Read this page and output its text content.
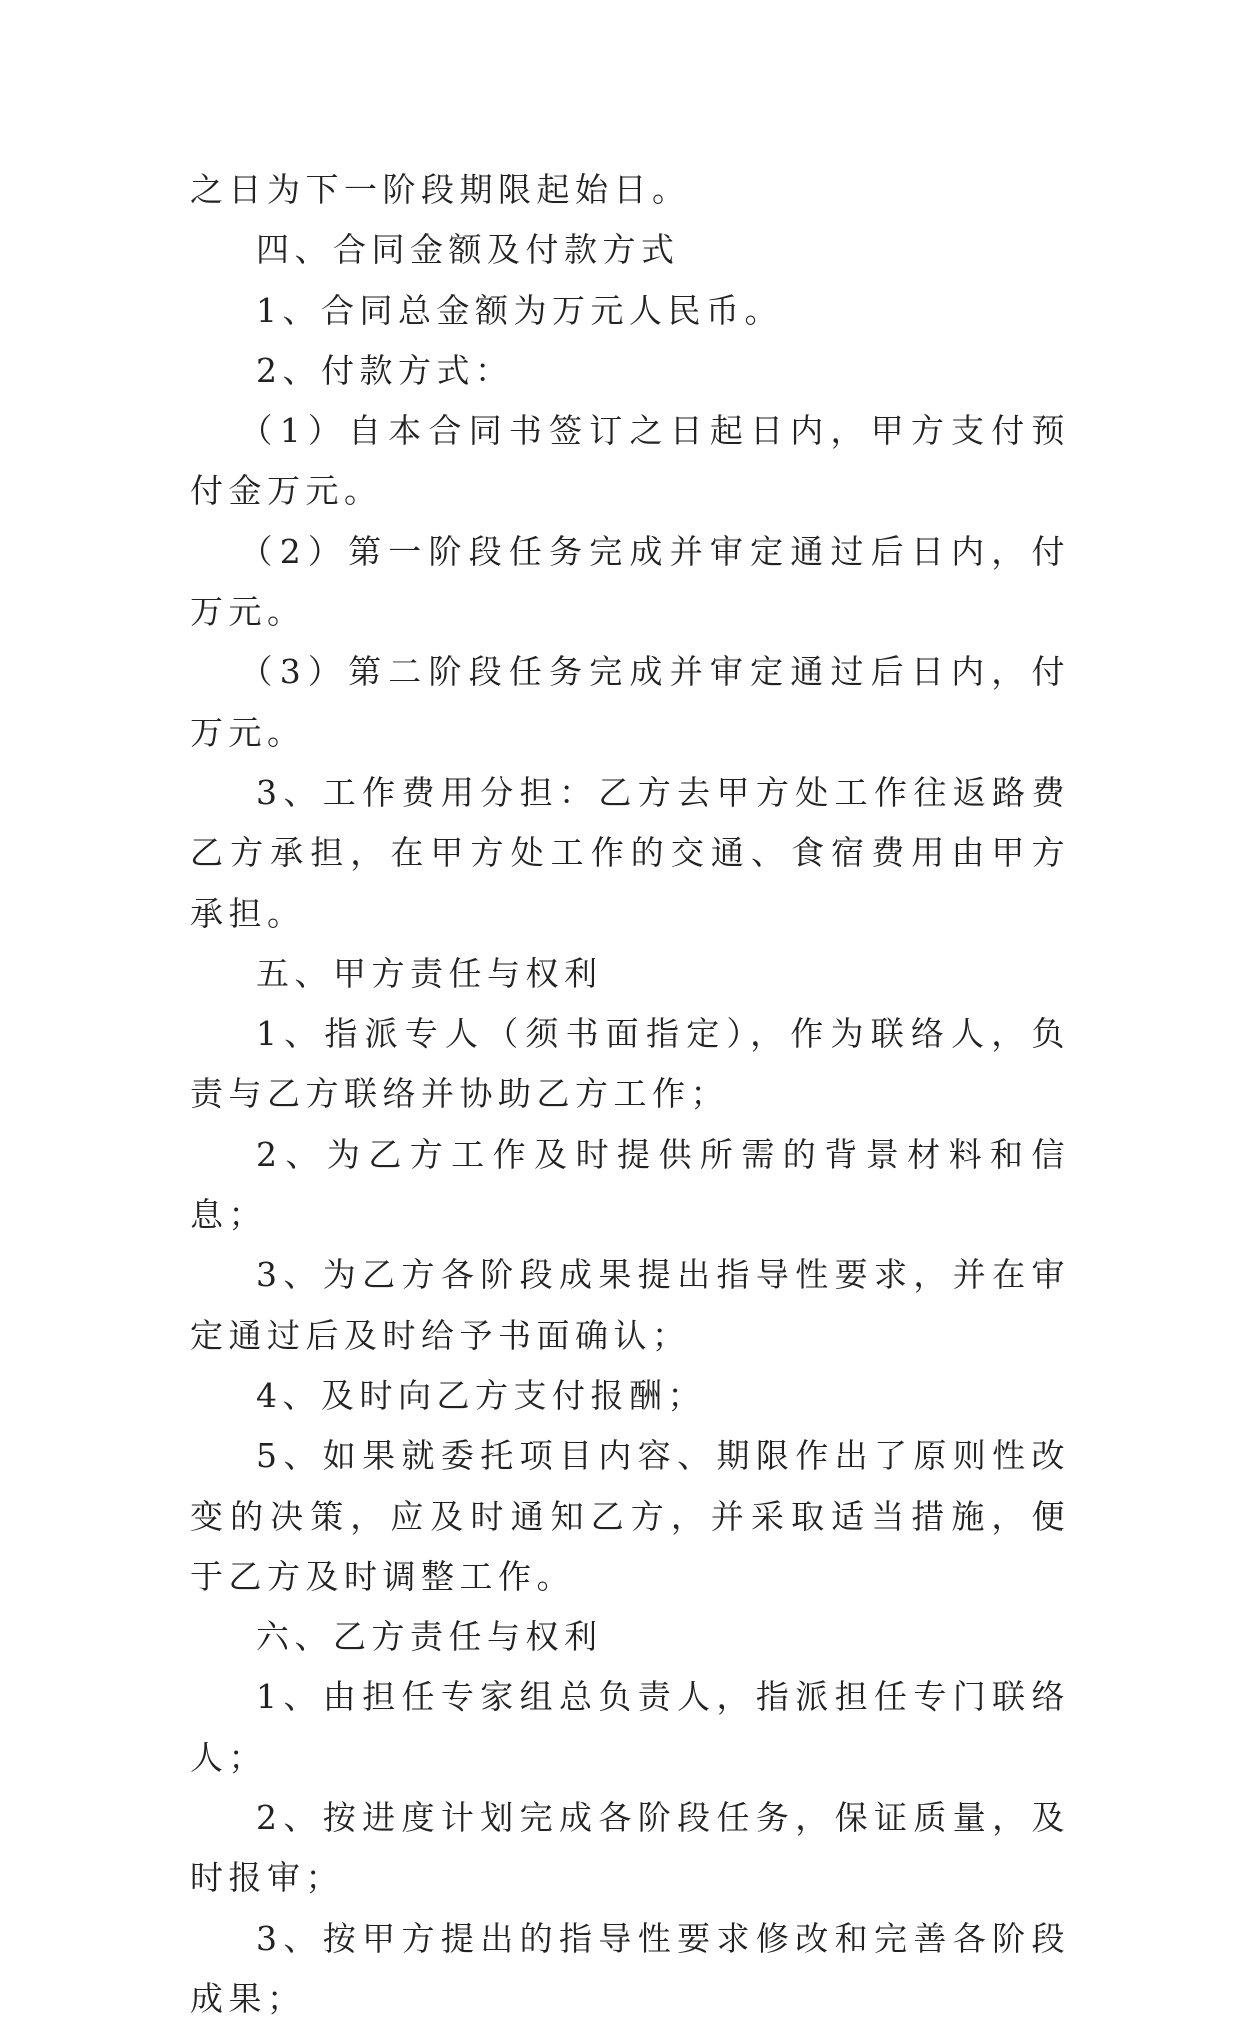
之日为下一阶段期限起始日。

四、合同金额及付款方式

1、合同总金额为万元人民币。

2、付款方式：

（1）自本合同书签订之日起日内，甲方支付预付金万元。

（2）第一阶段任务完成并审定通过后日内，付万元。

（3）第二阶段任务完成并审定通过后日内，付万元。

3、工作费用分担：乙方去甲方处工作往返路费乙方承担，在甲方处工作的交通、食宿费用由甲方承担。

五、甲方责任与权利

1、指派专人（须书面指定），作为联络人，负责与乙方联络并协助乙方工作；

2、为乙方工作及时提供所需的背景材料和信息；

3、为乙方各阶段成果提出指导性要求，并在审定通过后及时给予书面确认；

4、及时向乙方支付报酬；

5、如果就委托项目内容、期限作出了原则性改变的决策，应及时通知乙方，并采取适当措施，便于乙方及时调整工作。

六、乙方责任与权利

1、由担任专家组总负责人，指派担任专门联络人；

2、按进度计划完成各阶段任务，保证质量，及时报审；

3、按甲方提出的指导性要求修改和完善各阶段成果；
